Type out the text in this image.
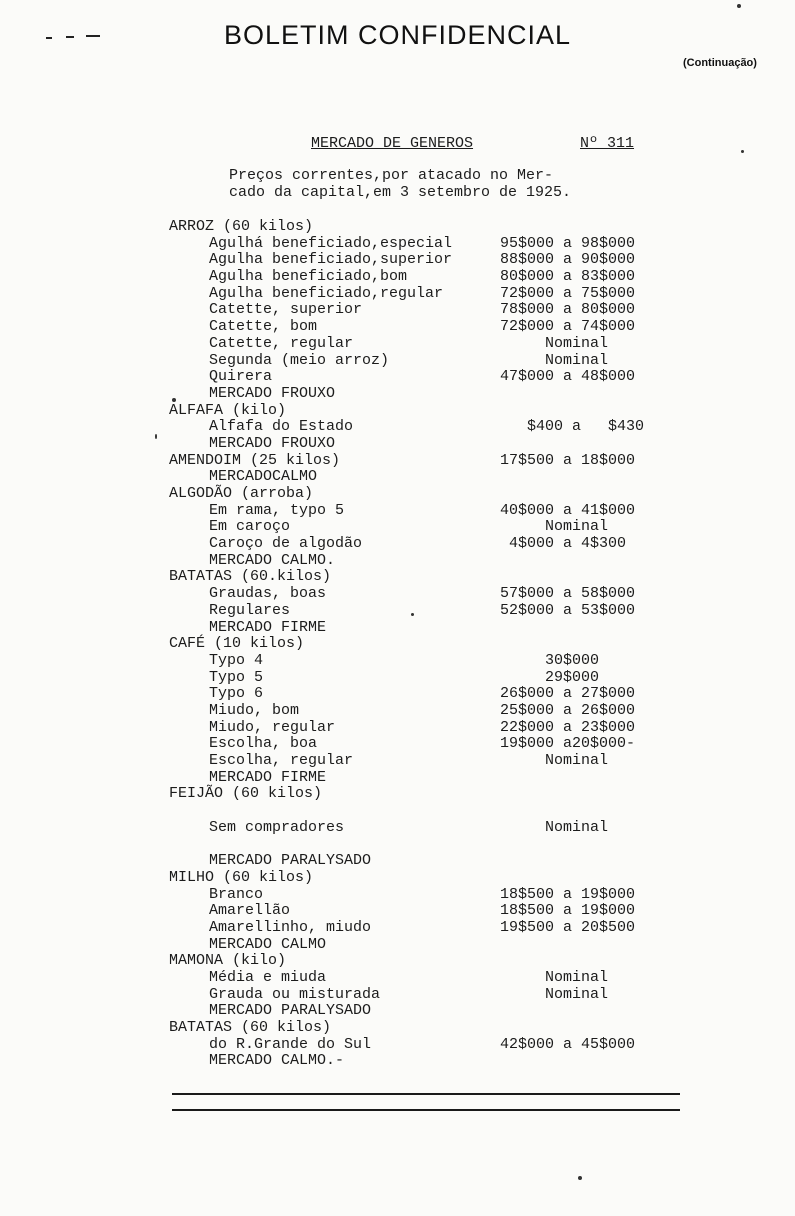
BOLETIM CONFIDENCIAL
(Continuação)
MERCADO DE GENEROS	Nº 311
Preços correntes,por atacado no Mer-
cado da capital,em 3 setembro de 1925.
ARROZ (60 kilos)
Agulhá beneficiado,especial	95$000 a 98$000
Agulha beneficiado,superior	88$000 a 90$000
Agulha beneficiado,bom	80$000 a 83$000
Agulha beneficiado,regular	72$000 a 75$000
Catette, superior	78$000 a 80$000
Catette, bom	72$000 a 74$000
Catette, regular	Nominal
Segunda (meio arroz)	Nominal
Quirera	47$000 a 48$000
MERCADO FROUXO
ALFAFA (kilo)
Alfafa do Estado	$400 a   $430
MERCADO FROUXO
AMENDOIM (25 kilos)	17$500 a 18$000
MERCADOCALMO
ALGODÃO (arroba)
Em rama, typo 5	40$000 a 41$000
Em caroço	Nominal
Caroço de algodão	4$000 a 4$300
MERCADO CALMO.
BATATAS (60.kilos)
Graudas, boas	57$000 a 58$000
Regulares	52$000 a 53$000
MERCADO FIRME
CAFÉ (10 kilos)
Typo 4	30$000
Typo 5	29$000
Typo 6	26$000 a 27$000
Miudo, bom	25$000 a 26$000
Miudo, regular	22$000 a 23$000
Escolha, boa	19$000 a20$000-
Escolha, regular	Nominal
MERCADO FIRME
FEIJÃO (60 kilos)
Sem compradores	Nominal
MERCADO PARALYSADO
MILHO (60 kilos)
Branco	18$500 a 19$000
Amarellão	18$500 a 19$000
Amarellinho, miudo	19$500 a 20$500
MERCADO CALMO
MAMONA (kilo)
Média e miuda	Nominal
Grauda ou misturada	Nominal
MERCADO PARALYSADO
BATATAS (60 kilos)
do R.Grande do Sul	42$000 a 45$000
MERCADO CALMO.-
